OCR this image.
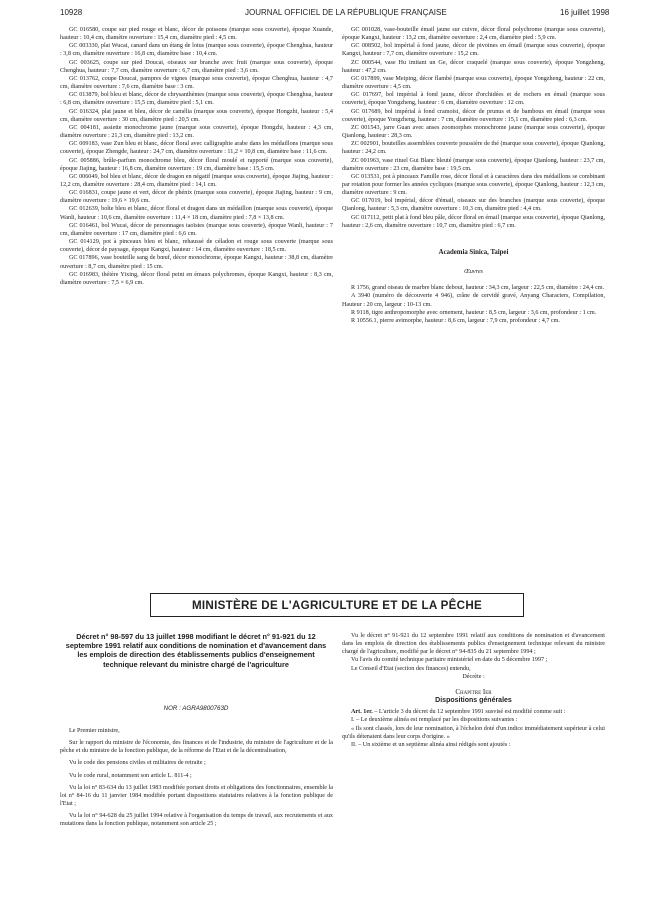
10928	JOURNAL OFFICIEL DE LA RÉPUBLIQUE FRANÇAISE	16 juillet 1998

GC 016580, coupe sur pied rouge et blanc, décor de poissons (marque sous couverte), époque Xuande, hauteur : 10,4 cm, diamètre ouverture : 15,4 cm, diamètre pied : 4,5 cm.

GC 003330, plat Wucai, canard dans un étang de lotus (marque sous couverte), époque Chenghua, hauteur : 3,8 cm, diamètre ouverture : 16,8 cm, diamètre base : 10,4 cm.

GC 003625, coupe sur pied Doucai, oiseaux sur branche avec fruit (marque sous couverte), époque Chenghua, hauteur : 7,7 cm, diamètre ouverture : 6,7 cm, diamètre pied : 3,6 cm.

GC 013762, coupe Doucai, pampres de vignes (marque sous couverte), époque Chenghua, hauteur : 4,7 cm, diamètre ouverture : 7,6 cm, diamètre base : 3 cm.

GC 013879, bol bleu et blanc, décor de chrysanthèmes (marque sous couverte), époque Chenghua, hauteur : 6,8 cm, diamètre ouverture : 15,5 cm, diamètre pied : 5,1 cm.

GC 016324, plat jaune et bleu, décor de camélia (marque sous couverte), époque Hongzhi, hauteur : 5,4 cm, diamètre ouverture : 30 cm, diamètre pied : 20,5 cm.

GC 004181, assiette monochrome jaune (marque sous couverte), époque Hongzhi, hauteur : 4,3 cm, diamètre ouverture : 21,3 cm, diamètre pied : 13,2 cm.

GC 009183, vase Zun bleu et blanc, décor floral avec calligraphie arabe dans les médaillons (marque sous couverte), époque Zhengde, hauteur : 24,7 cm, diamètre ouverture : 11,2 × 10,8 cm, diamètre base : 11,6 cm.

GC 005886, brûle-parfum monochrome bleu, décor floral moulé et rapporté (marque sous couverte), époque Jiajing, hauteur : 16,8 cm, diamètre ouverture : 19 cm, diamètre base : 15,5 cm.

GC 006049, bol bleu et blanc, décor de dragon en négatif (marque sous couverte), époque Jiajing, hauteur : 12,2 cm, diamètre ouverture : 28,4 cm, diamètre pied : 14,1 cm.

GC 016831, coupe jaune et vert, décor de phénix (marque sous couverte), époque Jiajing, hauteur : 9 cm, diamètre ouverture : 19,6 × 19,6 cm.

GC 012639, boîte bleu et blanc, décor floral et dragon dans un médaillon (marque sous couverte), époque Wanli, hauteur : 10,6 cm, diamètre ouverture : 11,4 × 18 cm, diamètre pied : 7,8 × 13,8 cm.

GC 016461, bol Wucai, décor de personnages taoïstes (marque sous couverte), époque Wanli, hauteur : 7 cm, diamètre ouverture : 17 cm, diamètre pied : 6,6 cm.

GC 014129, pot à pinceaux bleu et blanc, rehaussé de céladon et rouge sous couverte (marque sous couverte), décor de paysage, époque Kangxi, hauteur : 14 cm, diamètre ouverture : 18,5 cm.

GC 017896, vase bouteille sang de bœuf, décor monochrome, époque Kangxi, hauteur : 38,8 cm, diamètre ouverture : 8,7 cm, diamètre pied : 15 cm.

GC 016983, théière Yixing, décor floral peint en émaux polychromes, époque Kangxi, hauteur : 8,3 cm, diamètre ouverture : 7,5 × 6,9 cm.

GC 001028, vase-bouteille émail jaune sur cuivre, décor floral polychrome (marque sous couverte), époque Kangxi, hauteur : 13,2 cm, diamètre ouverture : 2,4 cm, diamètre pied : 5,9 cm.

GC 008502, bol impérial à fond jaune, décor de pivoines en émail (marque sous couverte), époque Kangxi, hauteur : 7,7 cm, diamètre ouverture : 15,2 cm.

ZC 000544, vase Hu imitant un Ge, décor craquelé (marque sous couverte), époque Yongzheng, hauteur : 47,2 cm.

GC 017899, vase Meiping, décor flambé (marque sous couverte), époque Yongzheng, hauteur : 22 cm, diamètre ouverture : 4,5 cm.

GC 017697, bol impérial à fond jaune, décor d'orchidées et de rochers en émail (marque sous couverte), époque Yongzheng, hauteur : 6 cm, diamètre ouverture : 12 cm.

GC 017689, bol impérial à fond cramoisi, décor de prunus et de bambous en émail (marque sous couverte), époque Yongzheng, hauteur : 7 cm, diamètre ouverture : 15,1 cm, diamètre pied : 6,3 cm.

ZC 001543, jarre Guan avec anses zoomorphes monochrome jaune (marque sous couverte), époque Qianlong, hauteur : 28,3 cm.

ZC 002901, bouteilles assemblées couverte poussière de thé (marque sous couverte), époque Qianlong, hauteur : 24,2 cm.

ZC 001963, vase rituel Gui Blanc bleuté (marque sous couverte), époque Qianlong, hauteur : 23,7 cm, diamètre ouverture : 23 cm, diamètre base : 19,5 cm.

GC 013531, pot à pinceaux Famille rose, décor floral et à caractères dans des médaillons se combinant par rotation pour former les années cycliques (marque sous couverte), époque Qianlong, hauteur : 12,3 cm, diamètre ouverture : 9 cm.

GC 017019, bol impérial, décor d'émail, oiseaux sur des branches (marque sous couverte), époque Qianlong, hauteur : 5,3 cm, diamètre ouverture : 10,3 cm, diamètre pied : 4,4 cm.

GC 017112, petit plat à fond bleu pâle, décor floral en émail (marque sous couverte), époque Qianlong, hauteur : 2,6 cm, diamètre ouverture : 10,7 cm, diamètre pied : 6,7 cm.

Academia Sinica, Taipei

Œuvres

R 1756, grand oiseau de marbre blanc debout, hauteur : 34,3 cm, largeur : 22,5 cm, diamètre : 24,4 cm.

A 3940 (numéro de découverte 4 946), crâne de cervidé gravé, Anyang Characters, Compilation, Hauteur : 20 cm, largeur : 10-13 cm.

R 9118, tigre anthropomorphe avec ornement, hauteur : 8,5 cm, largeur : 3,6 cm, profondeur : 1 cm.

R 10556.1, pierre avimorphe, hauteur : 8,6 cm, largeur : 7,9 cm, profondeur : 4,7 cm.

MINISTÈRE DE L'AGRICULTURE ET DE LA PÊCHE
Décret n° 98-597 du 13 juillet 1998 modifiant le décret n° 91-921 du 12 septembre 1991 relatif aux conditions de nomination et d'avancement dans les emplois de direction des établissements publics d'enseignement technique relevant du ministre chargé de l'agriculture
NOR : AGRA9800763D

Le Premier ministre,

Sur le rapport du ministre de l'économie, des finances et de l'industrie, du ministre de l'agriculture et de la pêche et du ministre de la fonction publique, de la réforme de l'Etat et de la décentralisation,

Vu le code des pensions civiles et militaires de retraite ;

Vu le code rural, notamment son article L. 811-4 ;

Vu la loi n° 83-634 du 13 juillet 1983 modifiée portant droits et obligations des fonctionnaires, ensemble la loi n° 84-16 du 11 janvier 1984 modifiée portant dispositions statutaires relatives à la fonction publique de l'Etat ;

Vu la loi n° 94-628 du 25 juillet 1994 relative à l'organisation du temps de travail, aux recrutements et aux mutations dans la fonction publique, notamment son article 25 ;

Vu le décret n° 91-921 du 12 septembre 1991 relatif aux conditions de nomination et d'avancement dans les emplois de direction des établissements publics d'enseignement technique relevant du ministre chargé de l'agriculture, modifié par le décret n° 94-835 du 21 septembre 1994 ;

Vu l'avis du comité technique paritaire ministériel en date du 5 décembre 1997 ;

Le Conseil d'Etat (section des finances) entendu,

Décrète :

Chapitre Ier

Dispositions générales

Art. 1er. – L'article 3 du décret du 12 septembre 1991 susvisé est modifié comme suit :

I. – Le deuxième alinéa est remplacé par les dispositions suivantes :

« Ils sont classés, lors de leur nomination, à l'échelon doté d'un indice immédiatement supérieur à celui qu'ils détenaient dans leur corps d'origine. »

II. – Un sixième et un septième alinéa ainsi rédigés sont ajoutés :
